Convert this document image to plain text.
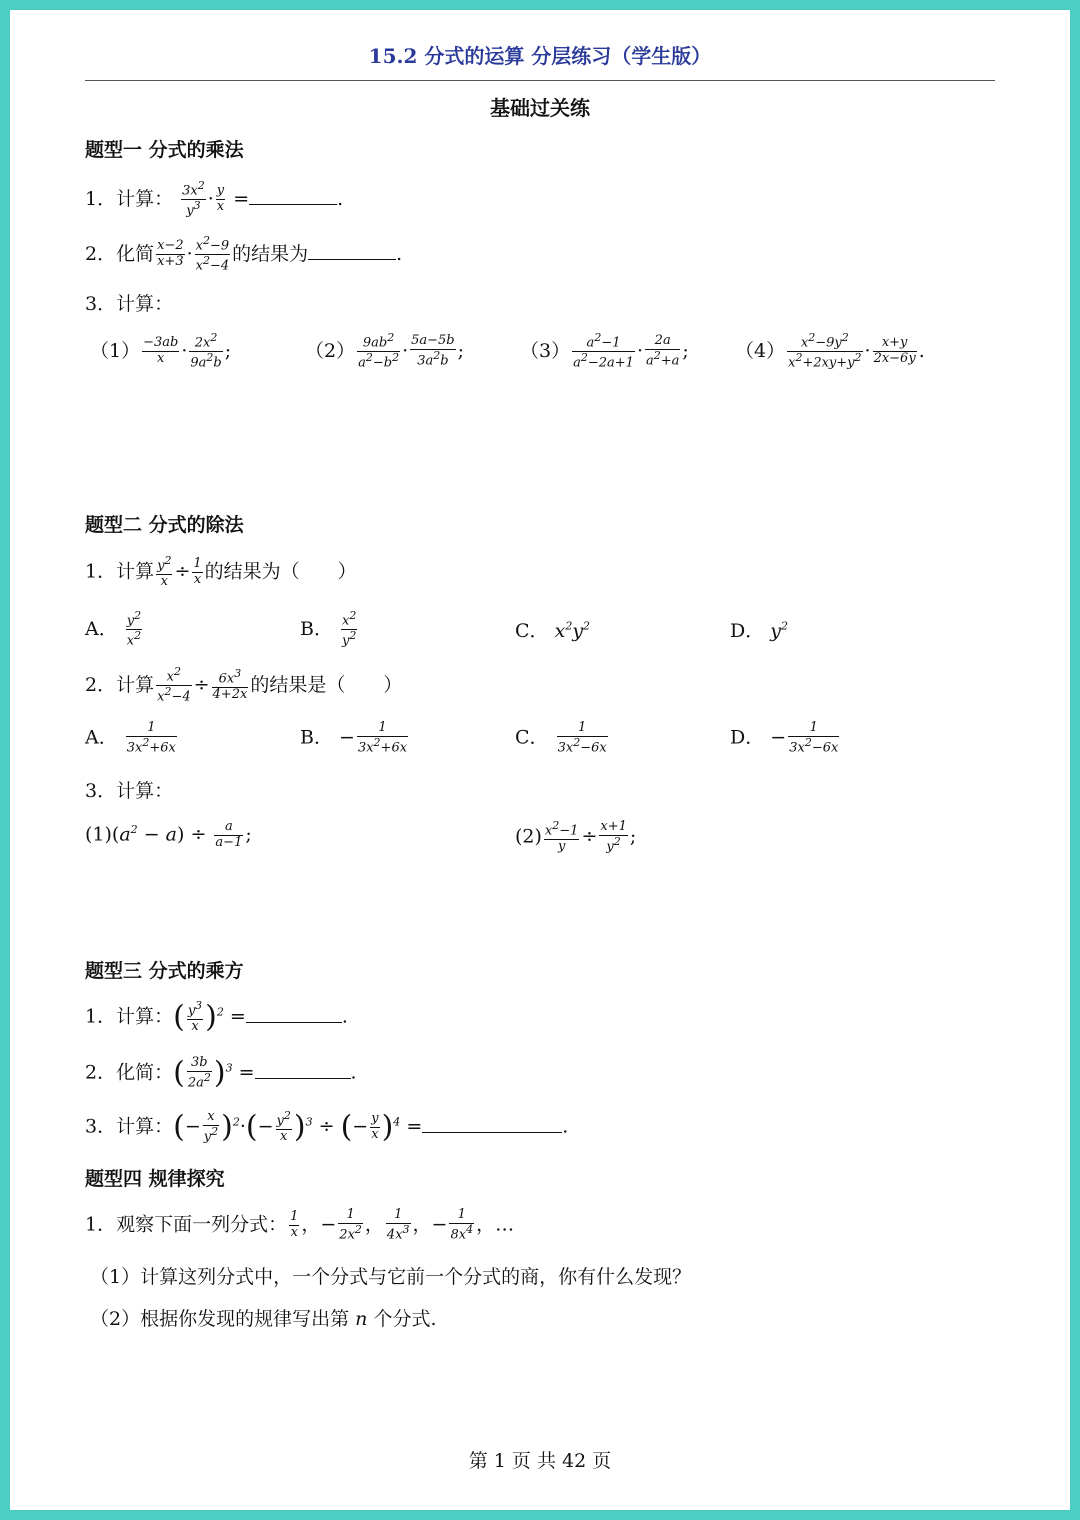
15.2 分式的运算 分层练习（学生版）
基础过关练
题型一 分式的乘法
1．计算： $\frac{3x^2}{y^3} \cdot \frac{y}{x}$ =	.
2．化简 $\frac{x-2}{x+3} \cdot \frac{x^2-9}{x^2-4}$ 的结果为	.
3．计算：
$(1) \frac{-3ab}{x} \cdot \frac{2x^2}{9a^2b}$ ;	$(2) \frac{9ab^2}{a^2-b^2} \cdot \frac{5a-5b}{3a^2b}$ ;	$(3) \frac{a^2-1}{a^2-2a+1} \cdot \frac{2a}{a^2+a}$ ; $(4) \frac{x^2-9y^2}{x^2+2xy+y^2} \cdot \frac{x+y}{2x-6y}$ .
题型二 分式的除法
1．计算 $\frac{y^2}{x} \div \frac{1}{x}$ 的结果为（　　）
A． $\frac{y^2}{x^2}$	B． $\frac{x^2}{y^2}$	C． $x^2y^2$	D． $y^2$
2．计算 $\frac{x^2}{x^2-4} \div \frac{6x^3}{4+2x}$ 的结果是（　　）
A． $\frac{1}{3x^2+6x}$	B． − $\frac{1}{3x^2+6x}$	C． $\frac{1}{3x^2-6x}$	D． − $\frac{1}{3x^2-6x}$
3．计算：
$(1)(a^2 - a) \div \frac{a}{a-1}$ ;	$(2) \frac{x^2-1}{y} \div \frac{x+1}{y^2}$ ;
题型三 分式的乘方
1．计算：( $\frac{y^3}{x} )^2$ =	.
2．化简：( $\frac{3b}{2a^2} )^3$ =	.
3．计算：(− $\frac{x}{y^2} )^2\cdot(- \frac{y^2}{x} )^3$ ÷ (− $\frac{y}{x} )^4$ =	.
题型四 规律探究
1．观察下面一列分式： $\frac{1}{x}$ ，− $\frac{1}{2x^2}$ ， $\frac{1}{4x^3}$ ，− $\frac{1}{8x^4}$ ，…
（1）计算这列分式中，一个分式与它前一个分式的商，你有什么发现？
（2）根据你发现的规律写出第 n 个分式.
第 1 页 共 42 页
